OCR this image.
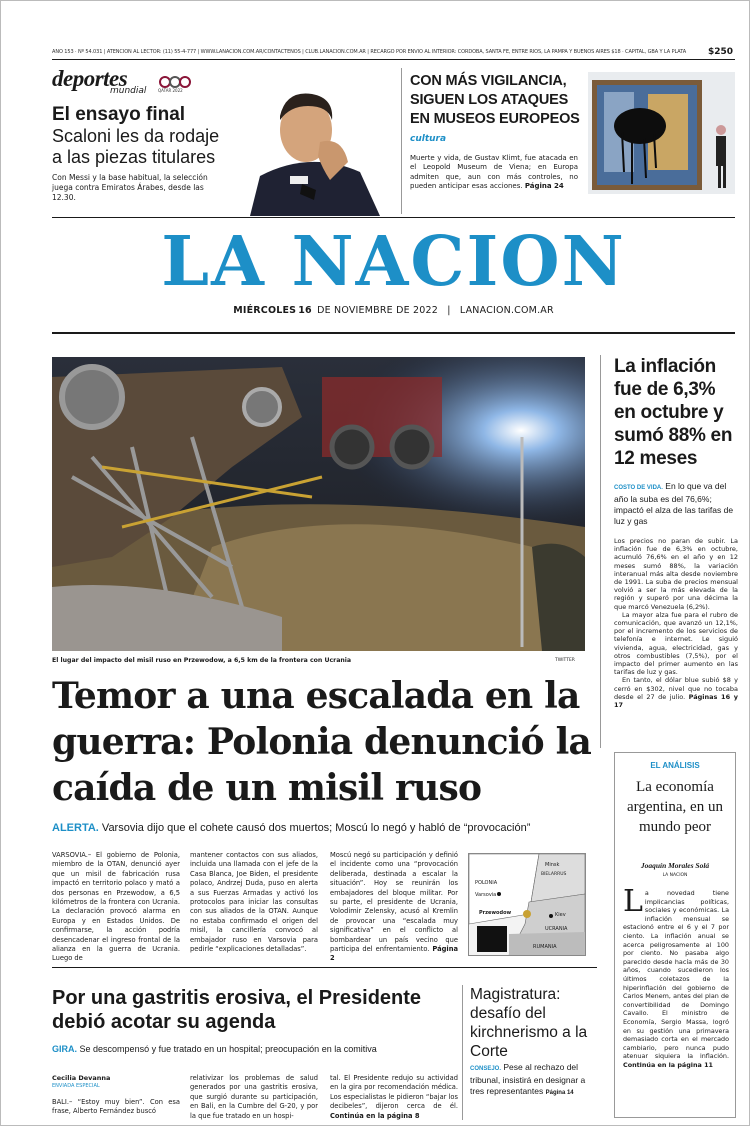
AÑO 153 · Nº 54.031 | ATENCIÓN AL LECTOR: (11) 55-4-777 | WWW.LANACION.COM.AR/CONTACTENOS | CLUB.LANACION.COM.AR | RECARGO POR ENVÍO AL INTERIOR: CÓRDOBA, SANTA FE, ENTRE RÍOS, LA PAMPA Y BUENOS AIRES $18 · CAPITAL, GBA Y LA PLATA	$250
deportes
mundial	QATAR 2022
El ensayo final
Scaloni les da rodaje a las piezas titulares
Con Messi y la base habitual, la selección juega contra Emiratos Árabes, desde las 12.30.
CON MÁS VIGILANCIA, SIGUEN LOS ATAQUES EN MUSEOS EUROPEOS
cultura
Muerte y vida, de Gustav Klimt, fue atacada en el Leopold Museum de Viena; en Europa admiten que, aun con más controles, no pueden anticipar esas acciones. Página 24
LA NACION
MIÉRCOLES 16 DE NOVIEMBRE DE 2022 | LANACION.COM.AR
El lugar del impacto del misil ruso en Przewodow, a 6,5 km de la frontera con Ucrania	TWITTER
Temor a una escalada en la guerra: Polonia denunció la caída de un misil ruso
ALERTA. Varsovia dijo que el cohete causó dos muertos; Moscú lo negó y habló de “provocación”
VARSOVIA.– El gobierno de Polonia, miembro de la OTAN, denunció ayer que un misil de fabricación rusa impactó en territorio polaco y mató a dos personas en Przewodow, a 6,5 kilómetros de la frontera con Ucrania. La declaración provocó alarma en Europa y en Estados Unidos. De confirmarse, la acción podría desencadenar el ingreso frontal de la alianza en la guerra de Ucrania. Luego de
mantener contactos con sus aliados, incluida una llamada con el jefe de la Casa Blanca, Joe Biden, el presidente polaco, Andrzej Duda, puso en alerta a sus Fuerzas Armadas y activó los protocolos para iniciar las consultas con sus aliados de la OTAN. Aunque no estaba confirmado el origen del misil, la cancillería convocó al embajador ruso en Varsovia para pedirle “explicaciones detalladas”.
Moscú negó su participación y definió el incidente como una “provocación deliberada, destinada a escalar la situación”. Hoy se reunirán los embajadores del bloque militar. Por su parte, el presidente de Ucrania, Volodimir Zelensky, acusó al Kremlin de provocar una “escalada muy significativa” en el conflicto al bombardear un país vecino que participa del enfrentamiento. Página 2
POLONIA
Varsovia
Minsk
BIELARRUS
Przewodow	Kiev
UCRANIA
RUMANIA
Por una gastritis erosiva, el Presidente debió acotar su agenda
GIRA. Se descompensó y fue tratado en un hospital; preocupación en la comitiva
Cecilia Devanna
ENVIADA ESPECIAL
BALI.– “Estoy muy bien”. Con esa frase, Alberto Fernández buscó
relativizar los problemas de salud generados por una gastritis erosiva, que surgió durante su participación, en Bali, en la Cumbre del G-20, y por la que fue tratado en un hospi-
tal. El Presidente redujo su actividad en la gira por recomendación médica. Los especialistas le pidieron “bajar los decibeles”, dijeron cerca de él. Continúa en la página 8
Magistratura: desafío del kirchnerismo a la Corte
CONSEJO. Pese al rechazo del tribunal, insistirá en designar a tres representantes Página 14
La inflación fue de 6,3% en octubre y sumó 88% en 12 meses
COSTO DE VIDA. En lo que va del año la suba es del 76,6%; impactó el alza de las tarifas de luz y gas

Los precios no paran de subir. La inflación fue de 6,3% en octubre, acumuló 76,6% en el año y en 12 meses sumó 88%, la variación interanual más alta desde noviembre de 1991. La suba de precios mensual volvió a ser la más elevada de la región y superó por una décima la que marcó Venezuela (6,2%).

La mayor alza fue para el rubro de comunicación, que avanzó un 12,1%, por el incremento de los servicios de telefonía e internet. Le siguió vivienda, agua, electricidad, gas y otros combustibles (7,5%), por el impacto del primer aumento en las tarifas de luz y gas.

En tanto, el dólar blue subió $8 y cerró en $302, nivel que no tocaba desde el 27 de julio. Páginas 16 y 17

EL ANÁLISIS
La economía argentina, en un mundo peor
Joaquín Morales Solá
LA NACION
L a novedad tiene implicancias políticas, sociales y económicas. La inflación mensual se estacionó entre el 6 y el 7 por ciento. La inflación anual se acerca peligrosamente al 100 por ciento. No pasaba algo parecido desde hacía más de 30 años, cuando sucedieron los últimos coletazos de la hiperinflación del gobierno de Carlos Menem, antes del plan de convertibilidad de Domingo Cavallo. El ministro de Economía, Sergio Massa, logró en su gestión una primavera demasiado corta en el mercado cambiario, pero nunca pudo atenuar siquiera la inflación. Continúa en la página 11
